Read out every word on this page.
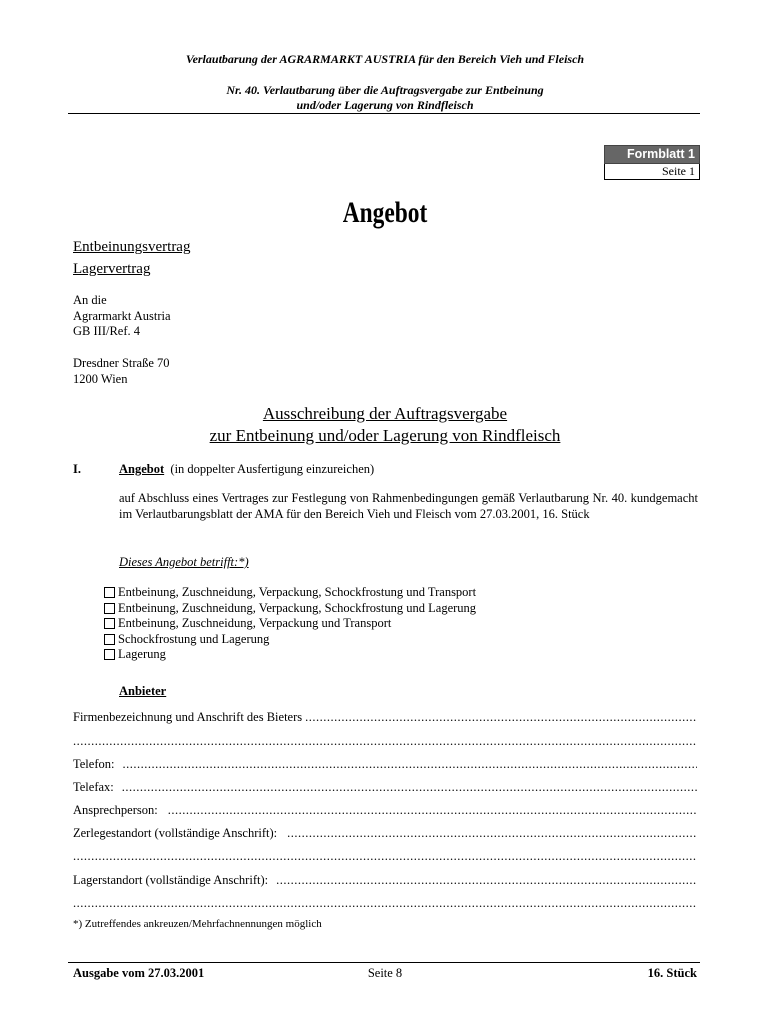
Verlautbarung der AGRARMARKT AUSTRIA für den Bereich Vieh und Fleisch
Nr. 40. Verlautbarung über die Auftragsvergabe zur Entbeinung
und/oder Lagerung von Rindfleisch
Formblatt 1
Seite 1
Angebot
Entbeinungsvertrag
Lagervertrag
An die
Agrarmarkt Austria
GB III/Ref. 4
Dresdner Straße 70
1200 Wien
Ausschreibung der Auftragsvergabe
zur Entbeinung und/oder Lagerung von Rindfleisch
I.	Angebot (in doppelter Ausfertigung einzureichen)
auf Abschluss eines Vertrages zur Festlegung von Rahmenbedingungen gemäß Verlautbarung Nr. 40. kundgemacht im Verlautbarungsblatt der AMA für den Bereich Vieh und Fleisch vom 27.03.2001, 16. Stück
Dieses Angebot betrifft:*)
Entbeinung, Zuschneidung, Verpackung, Schockfrostung und Transport
Entbeinung, Zuschneidung, Verpackung, Schockfrostung und Lagerung
Entbeinung, Zuschneidung, Verpackung und Transport
Schockfrostung und Lagerung
Lagerung
Anbieter
Firmenbezeichnung und Anschrift des Bieters
.....
.....
Telefon:
.....
Telefax:
.....
Ansprechperson:
.....
Zerlegestandort (vollständige Anschrift):
.....
.....
Lagerstandort (vollständige Anschrift):
.....
.....
*) Zutreffendes ankreuzen/Mehrfachnennungen möglich
Ausgabe vom 27.03.2001	Seite 8	16. Stück
